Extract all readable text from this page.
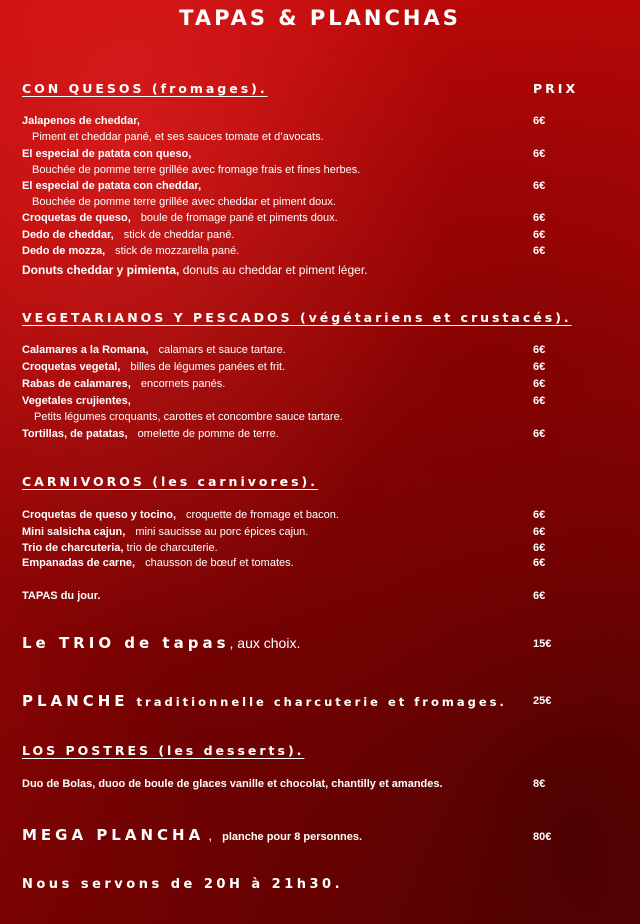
TAPAS & PLANCHAS
CON QUESOS (fromages).	PRIX
Jalapenos de cheddar,	6€
Piment et cheddar pané, et ses sauces tomate et d’avocats.
El especial de patata con queso,	6€
Bouchée de pomme terre grillée avec fromage frais et fines herbes.
El especial de patata con cheddar,	6€
Bouchée de pomme terre grillée avec cheddar et piment doux.
Croquetas de queso, boule de fromage pané et piments doux.	6€
Dedo de cheddar, stick de cheddar pané.	6€
Dedo de mozza, stick de mozzarella pané.	6€
Donuts cheddar y pimienta, donuts au cheddar et piment léger.
VEGETARIANOS Y PESCADOS (végétariens et crustacés).
Calamares a la Romana, calamars et sauce tartare.	6€
Croquetas vegetal, billes de légumes panées et frit.	6€
Rabas de calamares, encornets panés.	6€
Vegetales crujientes,	6€
Petits légumes croquants, carottes et concombre sauce tartare.
Tortillas, de patatas, omelette de pomme de terre.	6€
CARNIVOROS (les carnivores).
Croquetas de queso y tocino, croquette de fromage et bacon.	6€
Mini salsicha cajun, mini saucisse au porc épices cajun.	6€
Trio de charcuteria, trio de charcuterie.	6€
Empanadas de carne, chausson de bœuf et tomates.	6€
TAPAS du jour.	6€
Le TRIO de tapas, aux choix.	15€
PLANCHE traditionnelle charcuterie et fromages. 25€
LOS POSTRES (les desserts).
Duo de Bolas, duoo de boule de glaces vanille et chocolat, chantilly et amandes.	8€
MEGA PLANCHA , planche pour 8 personnes.	80€
Nous servons de 20H à 21h30.
